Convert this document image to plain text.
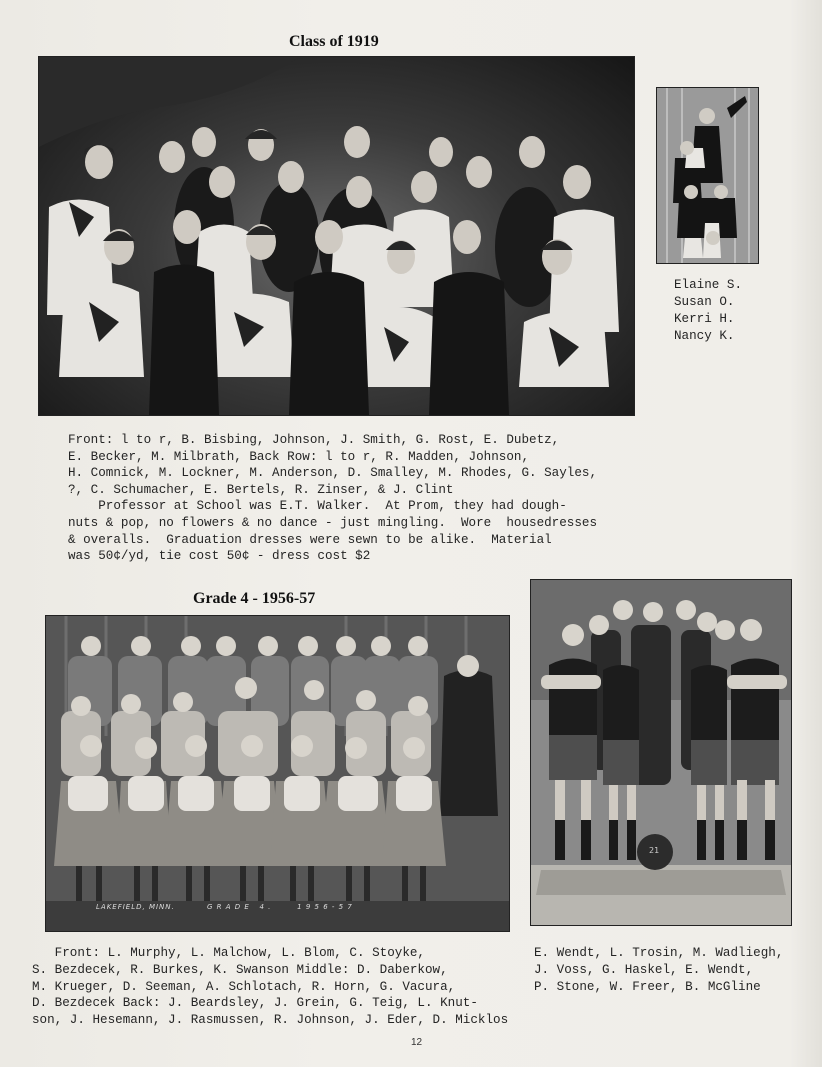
Class of 1919
Elaine S.
Susan O.
Kerri H.
Nancy K.
Front: l to r, B. Bisbing, Johnson, J. Smith, G. Rost, E. Dubetz,
E. Becker, M. Milbrath, Back Row: l to r, R. Madden, Johnson,
H. Comnick, M. Lockner, M. Anderson, D. Smalley, M. Rhodes, G. Sayles,
?, C. Schumacher, E. Bertels, R. Zinser, & J. Clint
Professor at School was E.T. Walker.  At Prom, they had dough-
nuts & pop, no flowers & no dance - just mingling.  Wore  housedresses
& overalls.  Graduation dresses were sewn to be alike.  Material
was 50¢/yd, tie cost 50¢ - dress cost $2
Grade 4 - 1956-57
LAKEFIELD, MINN.          G R A D E   4 .        1 9 5 6 - 5 7
21
Front: L. Murphy, L. Malchow, L. Blom, C. Stoyke,
S. Bezdecek, R. Burkes, K. Swanson Middle: D. Daberkow,
M. Krueger, D. Seeman, A. Schlotach, R. Horn, G. Vacura,
D. Bezdecek Back: J. Beardsley, J. Grein, G. Teig, L. Knut-
son, J. Hesemann, J. Rasmussen, R. Johnson, J. Eder, D. Micklos
E. Wendt, L. Trosin, M. Wadliegh,
J. Voss, G. Haskel, E. Wendt,
P. Stone, W. Freer, B. McGline
12
